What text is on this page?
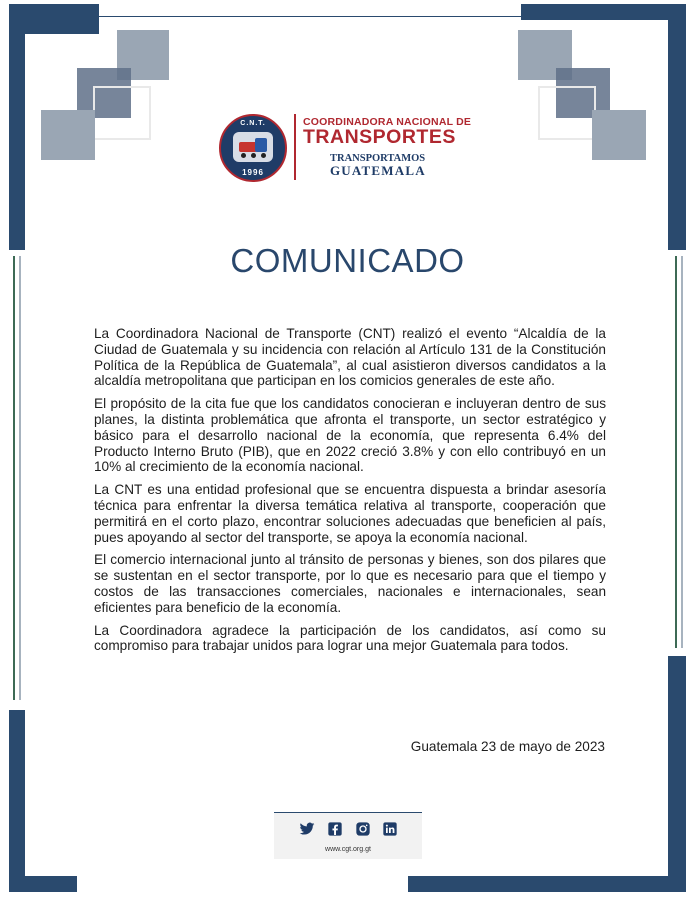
C.N.T.
1996
COORDINADORA NACIONAL DE
TRANSPORTES
TRANSPORTAMOS
GUATEMALA
COMUNICADO

La Coordinadora Nacional de Transporte (CNT) realizó el evento “Alcaldía de la Ciudad de Guatemala y su incidencia con relación al Artículo 131 de la Constitución Política de la República de Guatemala”, al cual asistieron diversos candidatos a la alcaldía metropolitana que participan en los comicios generales de este año.

El propósito de la cita fue que los candidatos conocieran e incluyeran dentro de sus planes, la distinta problemática que afronta el transporte, un sector estratégico y básico para el desarrollo nacional de la economía, que representa 6.4% del Producto Interno Bruto (PIB), que en 2022 creció 3.8% y con ello contribuyó en un 10% al crecimiento de la economía nacional.

La CNT es una entidad profesional que se encuentra dispuesta a brindar asesoría técnica para enfrentar la diversa temática relativa al transporte, cooperación que permitirá en el corto plazo, encontrar soluciones adecuadas que beneficien al país, pues apoyando al sector del transporte, se apoya la economía nacional.

El comercio internacional junto al tránsito de personas y bienes, son dos pilares que se sustentan en el sector transporte, por lo que es necesario para que el tiempo y costos de las transacciones comerciales, nacionales e internacionales, sean eficientes para beneficio de la economía.

La Coordinadora agradece la participación de los candidatos, así como su compromiso para trabajar unidos para lograr una mejor Guatemala para todos.

Guatemala 23 de mayo de 2023
www.cgt.org.gt
